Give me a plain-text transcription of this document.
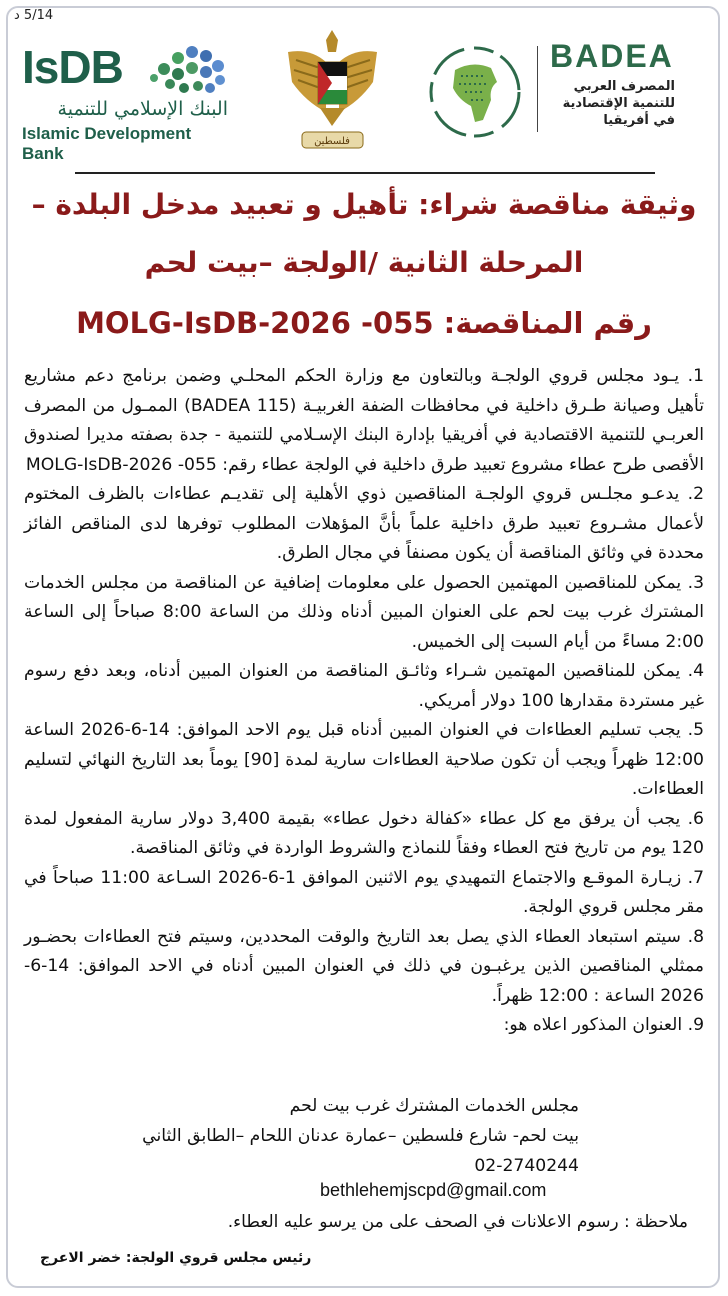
5/14 د
IsDB
البنك الإسلامي للتنمية
Islamic Development Bank
فلسطين
BADEA
المصرف العربي
للتنمية الإقتصادية
في أفريقيا
وثيقة مناقصة شراء: تأهيل و تعبيد مدخل البلدة –
المرحلة الثانية /الولجة –بيت لحم
رقم المناقصة: 055- MOLG-IsDB-2026

1. يـود مجلس قروي الولجـة وبالتعاون مع وزارة الحكم المحلـي وضمن برنامج دعم مشاريع تأهيل وصيانة طـرق داخلية في محافظات الضفة الغربيـة (BADEA 115) الممـول من المصرف العربـي للتنمية الاقتصادية في أفريقيا بإدارة البنك الإسـلامي للتنمية - جدة بصفته مديرا لصندوق الأقصى طرح عطاء مشروع تعبيد طرق داخلية في الولجة عطاء رقم: 055- MOLG-IsDB-2026

2. يدعـو مجلـس قروي الولجـة المناقصين ذوي الأهلية إلى تقديـم عطاءات بالظرف المختوم لأعمال مشـروع تعبيد طرق داخلية علماً بأنَّ المؤهلات المطلوب توفرها لدى المناقص الفائز محددة في وثائق المناقصة أن يكون مصنفاً في مجال الطرق.

3. يمكن للمناقصين المهتمين الحصول على معلومات إضافية عن المناقصة من مجلس الخدمات المشترك غرب بيت لحم على العنوان المبين أدناه وذلك من الساعة 8:00 صباحاً إلى الساعة 2:00 مساءً من أيام السبت إلى الخميس.

4. يمكن للمناقصين المهتمين شـراء وثائـق المناقصة من العنوان المبين أدناه، وبعد دفع رسوم غير مستردة مقدارها 100 دولار أمريكي.

5. يجب تسليم العطاءات في العنوان المبين أدناه قبل يوم الاحد الموافق: 14-6-2026 الساعة 12:00 ظهراً ويجب أن تكون صلاحية العطاءات سارية لمدة [90] يوماً بعد التاريخ النهائي لتسليم العطاءات.

6. يجب أن يرفق مع كل عطاء «كفالة دخول عطاء» بقيمة 3,400 دولار سارية المفعول لمدة 120 يوم من تاريخ فتح العطاء وفقاً للنماذج والشروط الواردة في وثائق المناقصة.

7. زيـارة الموقـع والاجتماع التمهيدي يوم الاثنين الموافق 1-6-2026 السـاعة 11:00 صباحاً في مقر مجلس قروي الولجة.

8. سيتم استبعاد العطاء الذي يصل بعد التاريخ والوقت المحددين، وسيتم فتح العطاءات بحضـور ممثلي المناقصين الذين يرغبـون في ذلك في العنوان المبين أدناه في الاحد الموافق: 14-6-2026 الساعة : 12:00 ظهراً.

9. العنوان المذكور اعلاه هو:

مجلس الخدمات المشترك غرب بيت لحم
بيت لحم- شارع فلسطين –عمارة عدنان اللحام –الطابق الثاني
02-2740244
bethlehemjscpd@gmail.com
ملاحظة : رسوم الاعلانات في الصحف على من يرسو عليه العطاء.
رئيس مجلس قروي الولجة: خضر الاعرج
